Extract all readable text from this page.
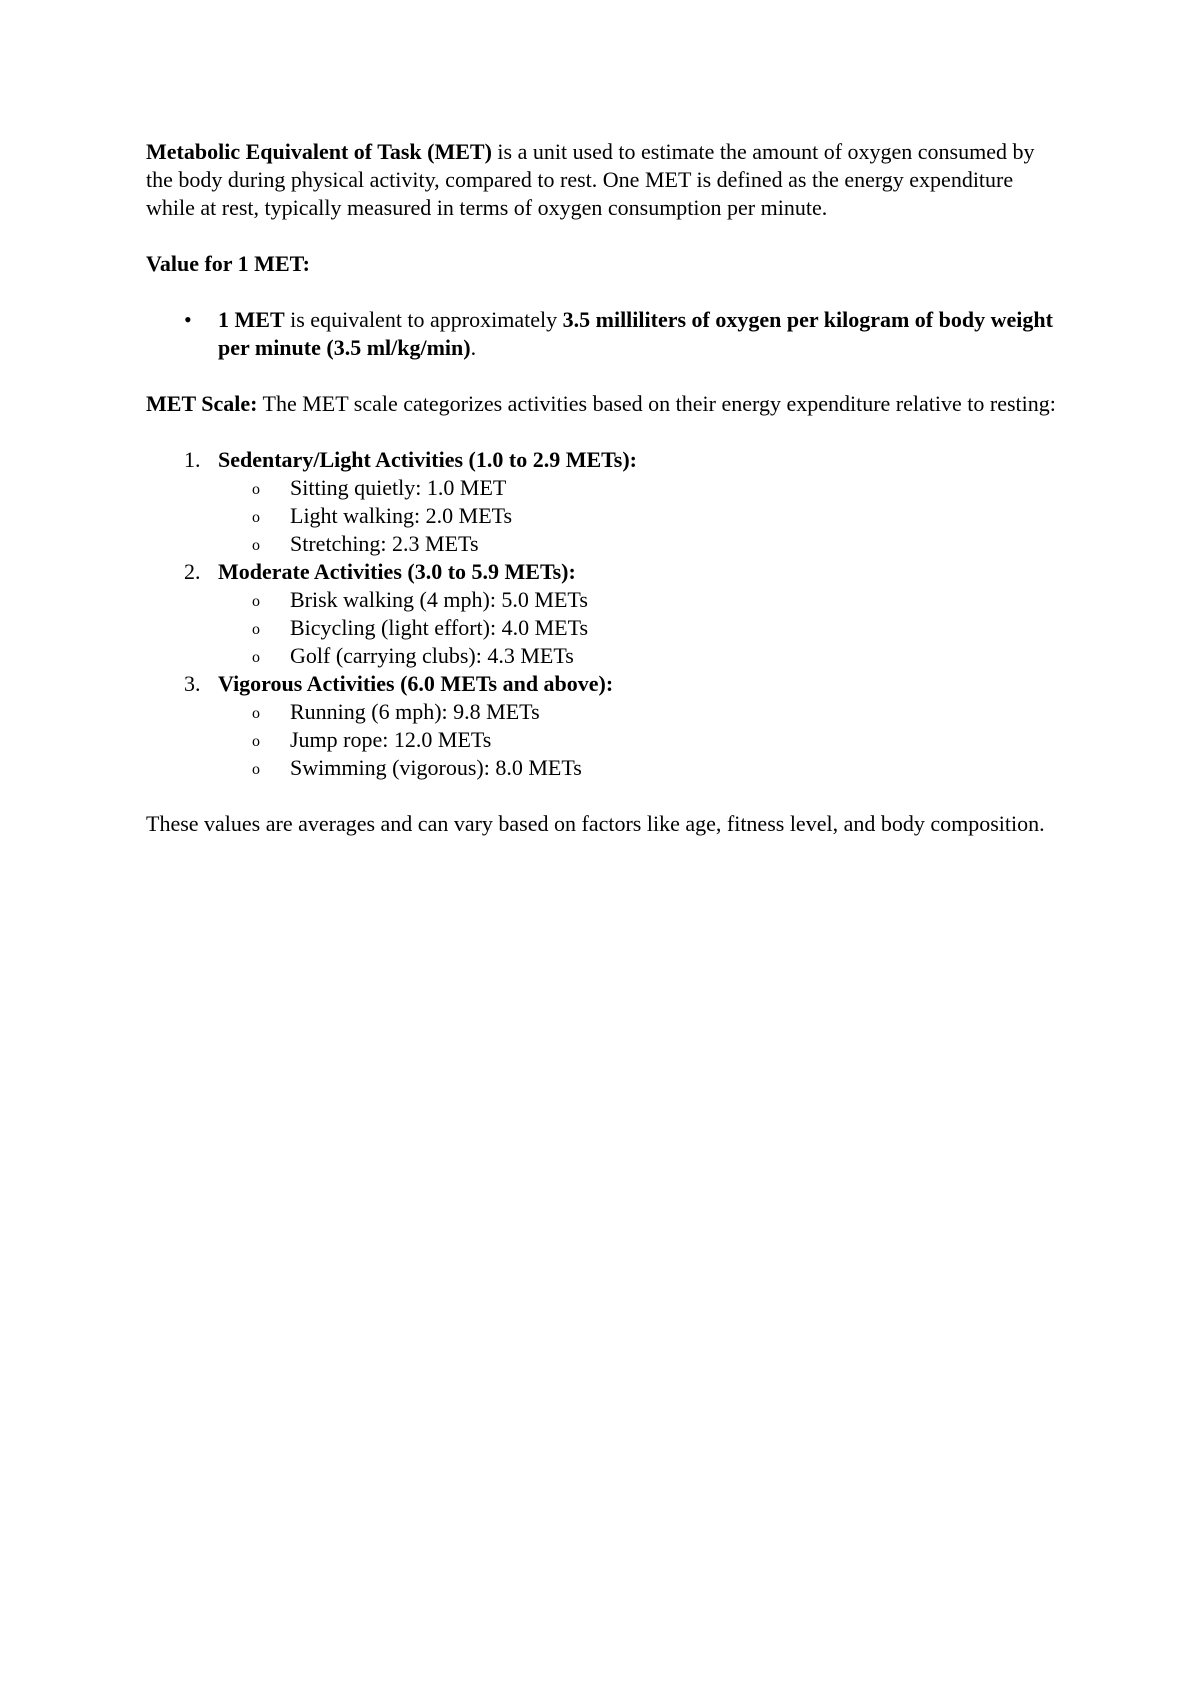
Metabolic Equivalent of Task (MET) is a unit used to estimate the amount of oxygen consumed by the body during physical activity, compared to rest. One MET is defined as the energy expenditure while at rest, typically measured in terms of oxygen consumption per minute.

Value for 1 MET:

• 1 MET is equivalent to approximately 3.5 milliliters of oxygen per kilogram of body weight per minute (3.5 ml/kg/min).

MET Scale: The MET scale categorizes activities based on their energy expenditure relative to resting:

1. Sedentary/Light Activities (1.0 to 2.9 METs):
o Sitting quietly: 1.0 MET
o Light walking: 2.0 METs
o Stretching: 2.3 METs
2. Moderate Activities (3.0 to 5.9 METs):
o Brisk walking (4 mph): 5.0 METs
o Bicycling (light effort): 4.0 METs
o Golf (carrying clubs): 4.3 METs
3. Vigorous Activities (6.0 METs and above):
o Running (6 mph): 9.8 METs
o Jump rope: 12.0 METs
o Swimming (vigorous): 8.0 METs

These values are averages and can vary based on factors like age, fitness level, and body composition.
